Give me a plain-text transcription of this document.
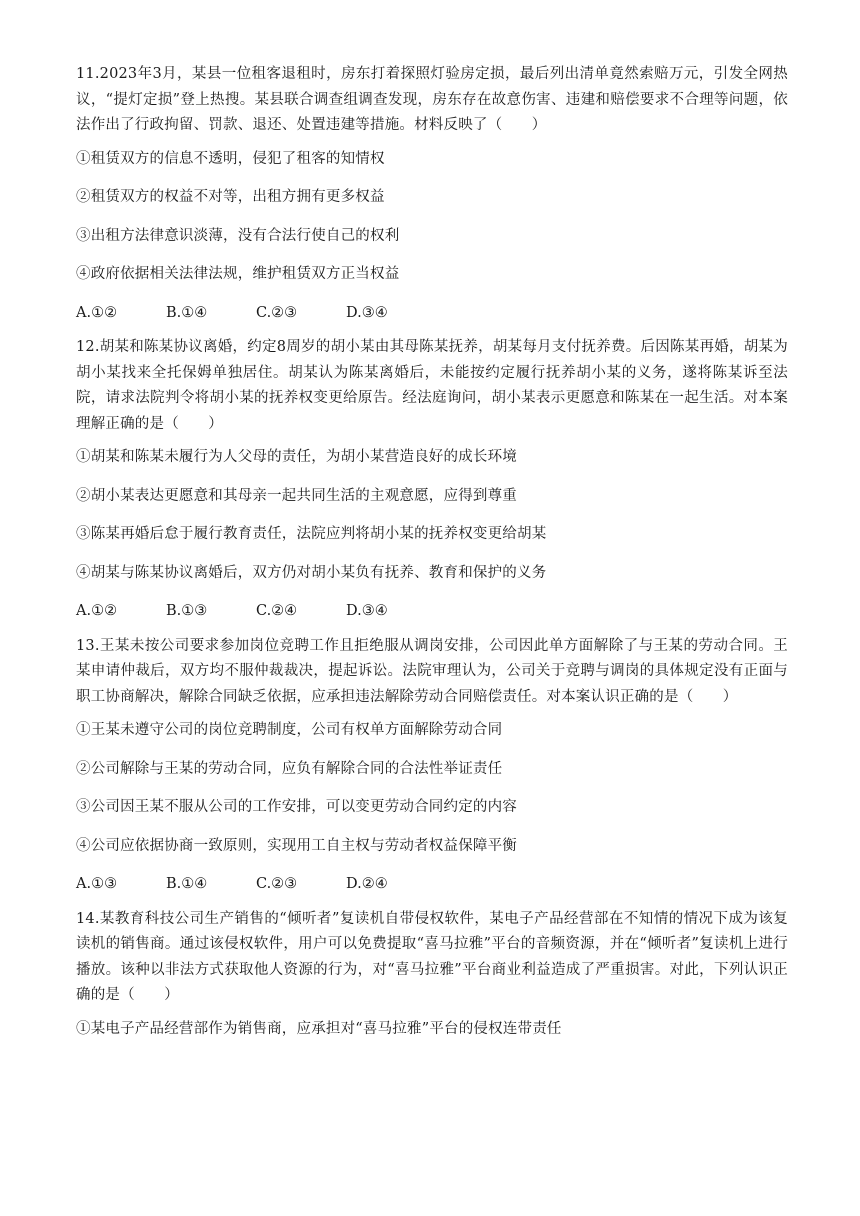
11.2023年3月，某县一位租客退租时，房东打着探照灯验房定损，最后列出清单竟然索赔万元，引发全网热议，“提灯定损”登上热搜。某县联合调查组调查发现，房东存在故意伤害、违建和赔偿要求不合理等问题，依法作出了行政拘留、罚款、退还、处置违建等措施。材料反映了（　　）

①租赁双方的信息不透明，侵犯了租客的知情权

②租赁双方的权益不对等，出租方拥有更多权益

③出租方法律意识淡薄，没有合法行使自己的权利

④政府依据相关法律法规，维护租赁双方正当权益

A.①②	B.①④	C.②③	D.③④

12.胡某和陈某协议离婚，约定8周岁的胡小某由其母陈某抚养，胡某每月支付抚养费。后因陈某再婚，胡某为胡小某找来全托保姆单独居住。胡某认为陈某离婚后，未能按约定履行抚养胡小某的义务，遂将陈某诉至法院，请求法院判令将胡小某的抚养权变更给原告。经法庭询问，胡小某表示更愿意和陈某在一起生活。对本案理解正确的是（　　）

①胡某和陈某未履行为人父母的责任，为胡小某营造良好的成长环境

②胡小某表达更愿意和其母亲一起共同生活的主观意愿，应得到尊重

③陈某再婚后怠于履行教育责任，法院应判将胡小某的抚养权变更给胡某

④胡某与陈某协议离婚后，双方仍对胡小某负有抚养、教育和保护的义务

A.①②	B.①③	C.②④	D.③④

13.王某未按公司要求参加岗位竞聘工作且拒绝服从调岗安排，公司因此单方面解除了与王某的劳动合同。王某申请仲裁后，双方均不服仲裁裁决，提起诉讼。法院审理认为，公司关于竞聘与调岗的具体规定没有正面与职工协商解决，解除合同缺乏依据，应承担违法解除劳动合同赔偿责任。对本案认识正确的是（　　）

①王某未遵守公司的岗位竞聘制度，公司有权单方面解除劳动合同

②公司解除与王某的劳动合同，应负有解除合同的合法性举证责任

③公司因王某不服从公司的工作安排，可以变更劳动合同约定的内容

④公司应依据协商一致原则，实现用工自主权与劳动者权益保障平衡

A.①③	B.①④	C.②③	D.②④

14.某教育科技公司生产销售的“倾听者”复读机自带侵权软件，某电子产品经营部在不知情的情况下成为该复读机的销售商。通过该侵权软件，用户可以免费提取“喜马拉雅”平台的音频资源，并在“倾听者”复读机上进行播放。该种以非法方式获取他人资源的行为，对“喜马拉雅”平台商业利益造成了严重损害。对此，下列认识正确的是（　　）

①某电子产品经营部作为销售商，应承担对“喜马拉雅”平台的侵权连带责任
